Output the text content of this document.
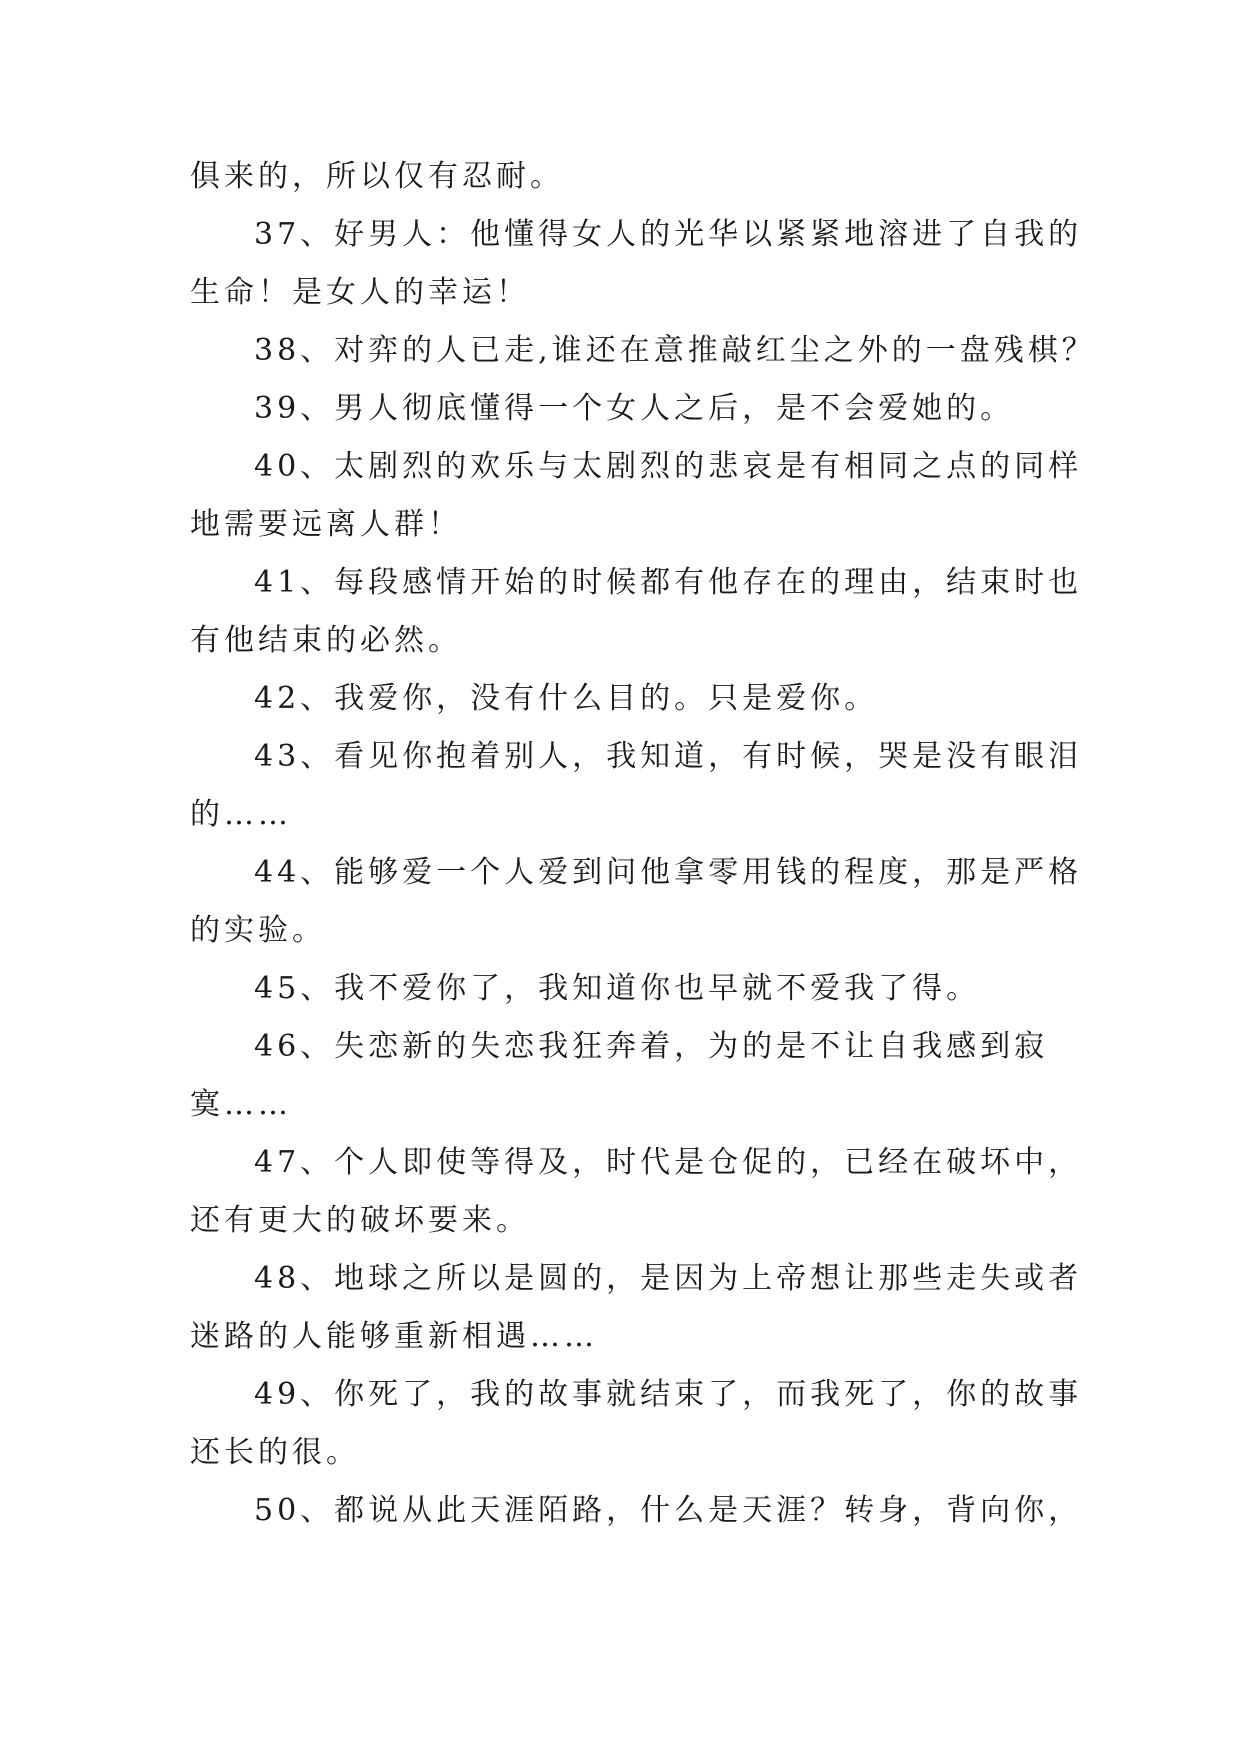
俱来的，所以仅有忍耐。
37、好男人：他懂得女人的光华以紧紧地溶进了自我的
生命！是女人的幸运！
38、对弈的人已走,谁还在意推敲红尘之外的一盘残棋？
39、男人彻底懂得一个女人之后，是不会爱她的。
40、太剧烈的欢乐与太剧烈的悲哀是有相同之点的同样
地需要远离人群！
41、每段感情开始的时候都有他存在的理由，结束时也
有他结束的必然。
42、我爱你，没有什么目的。只是爱你。
43、看见你抱着别人，我知道，有时候，哭是没有眼泪
的……
44、能够爱一个人爱到问他拿零用钱的程度，那是严格
的实验。
45、我不爱你了，我知道你也早就不爱我了得。
46、失恋新的失恋我狂奔着，为的是不让自我感到寂
寞……
47、个人即使等得及，时代是仓促的，已经在破坏中，
还有更大的破坏要来。
48、地球之所以是圆的，是因为上帝想让那些走失或者
迷路的人能够重新相遇……
49、你死了，我的故事就结束了，而我死了，你的故事
还长的很。
50、都说从此天涯陌路，什么是天涯？转身，背向你，
